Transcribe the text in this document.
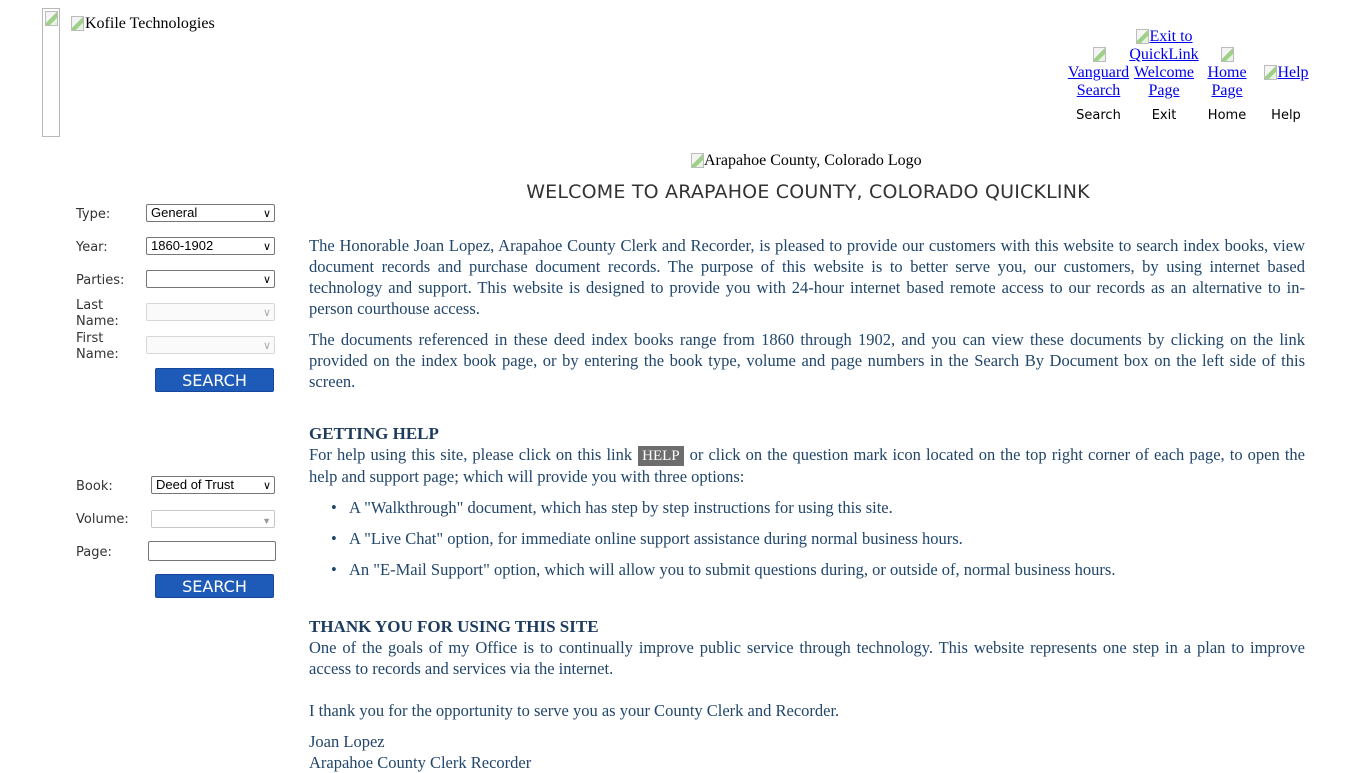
Kofile Technologies

Vanguard Search
Search
Exit to QuickLink Welcome Page
Exit

Home Page
Home
Help
Help
Arapahoe County, Colorado Logo
WELCOME TO ARAPAHOE COUNTY, COLORADO QUICKLINK
Type:	General	∨
Year:	1860-1902	∨
Parties:	∨
Last Name:
∨
First Name:
∨
SEARCH
Book:	Deed of Trust	∨
Volume:	▼
Page:
SEARCH

The Honorable Joan Lopez, Arapahoe County Clerk and Recorder, is pleased to provide our customers with this website to search index books, view document records and purchase document records. The purpose of this website is to better serve you, our customers, by using internet based technology and support. This website is designed to provide you with 24-hour internet based remote access to our records as an alternative to in-person courthouse access.

The documents referenced in these deed index books range from 1860 through 1902, and you can view these documents by clicking on the link provided on the index book page, or by entering the book type, volume and page numbers in the Search By Document box on the left side of this screen.

GETTING HELP

For help using this site, please click on this link HELP or click on the question mark icon located on the top right corner of each page, to open the help and support page; which will provide you with three options:

• A "Walkthrough" document, which has step by step instructions for using this site.
• A "Live Chat" option, for immediate online support assistance during normal business hours.
• An "E-Mail Support" option, which will allow you to submit questions during, or outside of, normal business hours.
THANK YOU FOR USING THIS SITE

One of the goals of my Office is to continually improve public service through technology. This website represents one step in a plan to improve access to records and services via the internet.

I thank you for the opportunity to serve you as your County Clerk and Recorder.

Joan Lopez

Arapahoe County Clerk Recorder
